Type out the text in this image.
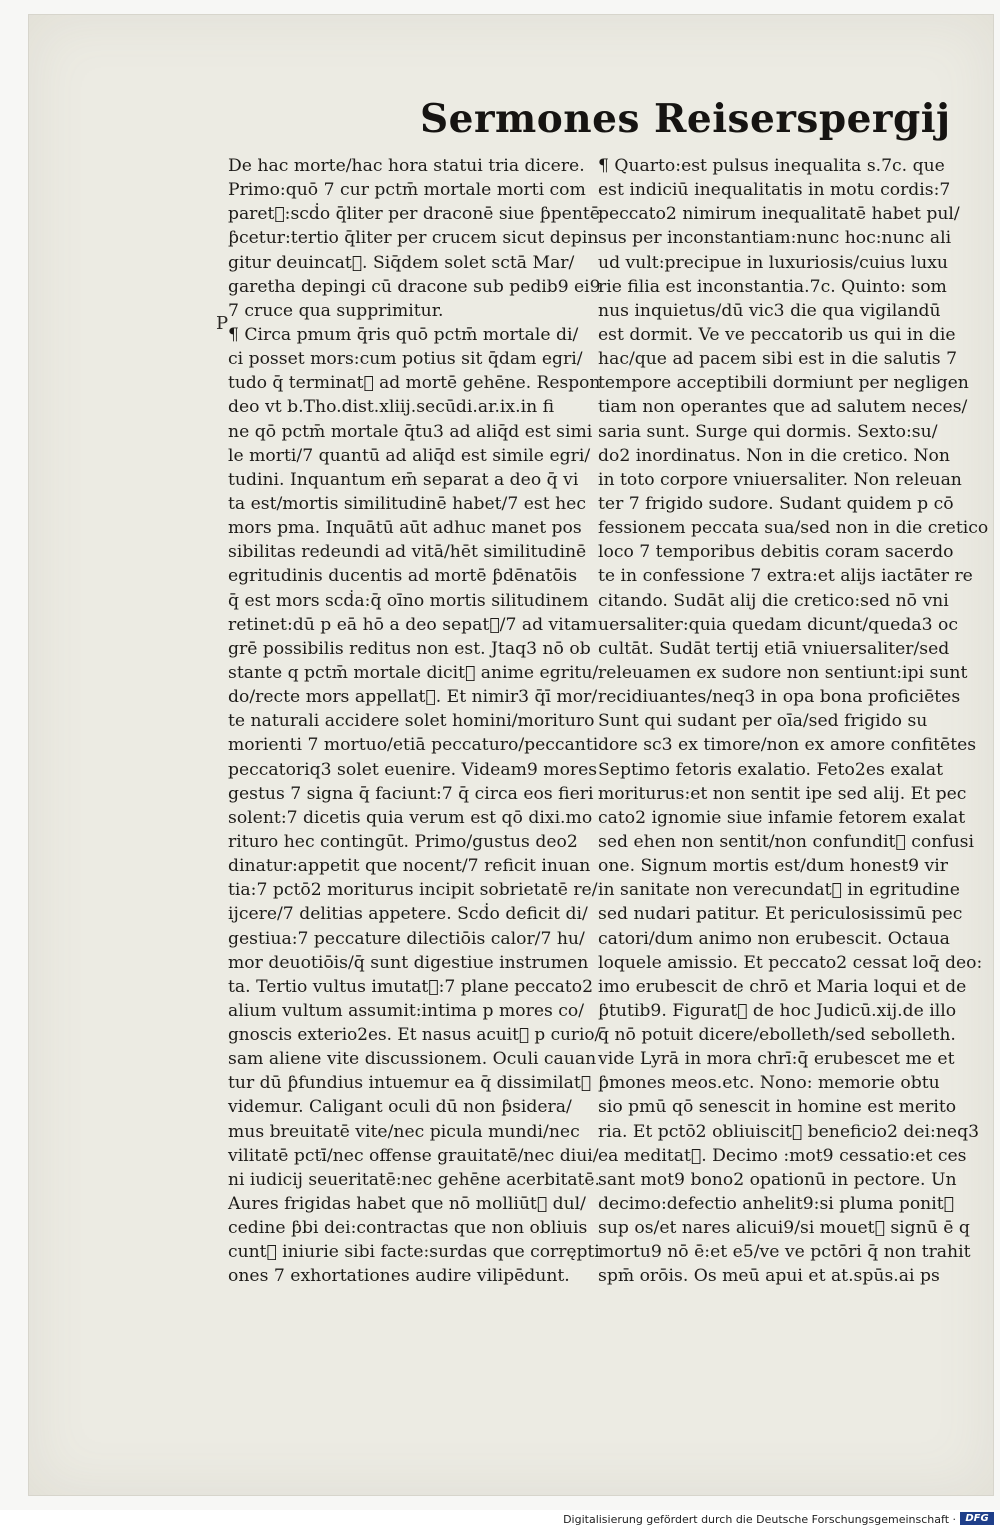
Sermones Reiserspergij
P
De hac morte/hac hora statui tria dicere.
Primo:quō 7 cur pctm̄ mortale morti com
paretᷓ:scḋo q̄liter per draconē siue ƥpentē
ƥcetur:tertio q̄liter per crucem sicut depin
gitur deuincatᷓ. Siq̄dem solet sctā Mar/
garetha depingi cū dracone sub pedib9 ei9
7 cruce qua supprimitur.
¶ Circa pmum q̄ris quō pctm̄ mortale di/
ci posset mors:cum potius sit q̄dam egri/
tudo q̄ terminatᷓ ad mortē gehēne. Respon
deo vt b.Tho.dist.xliij.secūdi.ar.ix.in fi
ne qō pctm̄ mortale q̄tu3 ad aliq̄d est simi
le morti/7 quantū ad aliq̄d est simile egri/
tudini. Inquantum em̄ separat a deo q̄ vi
ta est/mortis similitudinē habet/7 est hec
mors pma. Inquātū aūt adhuc manet pos
sibilitas redeundi ad vitā/hēt similitudinē
egritudinis ducentis ad mortē ƥdēnatōis
q̄ est mors scḋa:q̄ oīno mortis silitudinem
retinet:dū p eā hō a deo sepatᷓ/7 ad vitam
grē possibilis reditus non est. Jtaq3 nō ob
stante q pctm̄ mortale dicitᷓ anime egritu/
do/recte mors appellatᷓ. Et nimir3 q̄ī mor/
te naturali accidere solet homini/morituro
morienti 7 mortuo/etiā peccaturo/peccanti
peccatoriq3 solet euenire. Videam9 mores
gestus 7 signa q̄ faciunt:7 q̄ circa eos fieri
solent:7 dicetis quia verum est qō dixi.mo
rituro hec contingūt. Primo/gustus deo2
dinatur:appetit que nocent/7 reficit inuan
tia:7 pctō2 moriturus incipit sobrietatē re/
ijcere/7 delitias appetere. Scḋo deficit di/
gestiua:7 peccature dilectiōis calor/7 hu/
mor deuotiōis/q̄ sunt digestiue instrumen
ta. Tertio vultus imutatᷓ:7 plane peccato2
alium vultum assumit:intima p mores co/
gnoscis exterio2es. Et nasus acuitᷓ p curio/
sam aliene vite discussionem. Oculi cauan
tur dū ƥfundius intuemur ea q̄ dissimilatᷓ
videmur. Caligant oculi dū non ƥsidera/
mus breuitatē vite/nec picula mundi/nec
vilitatē pctī/nec offense grauitatē/nec diui/
ni iudicij seueritatē:nec gehēne acerbitatē.
Aures frigidas habet que nō molliūtᷓ dul/
cedine ƥbi dei:contractas que non obliuis
cuntᷓ iniurie sibi facte:surdas que corrępti
ones 7 exhortationes audire vilipēdunt.
¶ Quarto:est pulsus inequalita s.7c. que
est indiciū inequalitatis in motu cordis:7
peccato2 nimirum inequalitatē habet pul/
sus per inconstantiam:nunc hoc:nunc ali
ud vult:precipue in luxuriosis/cuius luxu
rie filia est inconstantia.7c. Quinto: som
nus inquietus/dū vic3 die qua vigilandū
est dormit. Ve ve peccatorib us qui in die
hac/que ad pacem sibi est in die salutis 7
tempore acceptibili dormiunt per negligen
tiam non operantes que ad salutem neces/
saria sunt. Surge qui dormis. Sexto:su/
do2 inordinatus. Non in die cretico. Non
in toto corpore vniuersaliter. Non releuan
ter 7 frigido sudore. Sudant quidem p cō
fessionem peccata sua/sed non in die cretico
loco 7 temporibus debitis coram sacerdo
te in confessione 7 extra:et alijs iactāter re
citando. Sudāt alij die cretico:sed nō vni
uersaliter:quia quedam dicunt/queda3 oc
cultāt. Sudāt tertij etiā vniuersaliter/sed
releuamen ex sudore non sentiunt:ipi sunt
recidiuantes/neq3 in opa bona proficiētes
Sunt qui sudant per oīa/sed frigido su
dore sc3 ex timore/non ex amore confitētes
Septimo fetoris exalatio. Feto2es exalat
moriturus:et non sentit ipe sed alij. Et pec
cato2 ignomie siue infamie fetorem exalat
sed ehen non sentit/non confunditᷓ confusi
one. Signum mortis est/dum honest9 vir
in sanitate non verecundatᷓ in egritudine
sed nudari patitur. Et periculosissimū pec
catori/dum animo non erubescit. Octaua
loquele amissio. Et peccato2 cessat loq̄ deo:
imo erubescit de chrō et Maria loqui et de
ƥtutib9. Figuratᷓ de hoc Judicū.xij.de illo
q̄ nō potuit dicere/ebolleth/sed sebolleth.
vide Lyrā in mora chrī:q̄ erubescet me et
ƥmones meos.etc. Nono: memorie obtu
sio pmū qō senescit in homine est merito
ria. Et pctō2 obliuiscitᷓ beneficio2 dei:neq3
ea meditatᷓ. Decimo :mot9 cessatio:et ces
sant mot9 bono2 opationū in pectore. Un
decimo:defectio anhelit9:si pluma ponitᷓ
sup os/et nares alicui9/si mouetᷓ signū ē q
mortu9 nō ē:et e5/ve ve pctōri q̄ non trahit
spm̄ orōis. Os meū apui et at.spūs.ai ps
Digitalisierung gefördert durch die Deutsche Forschungsgemeinschaft · DFG
